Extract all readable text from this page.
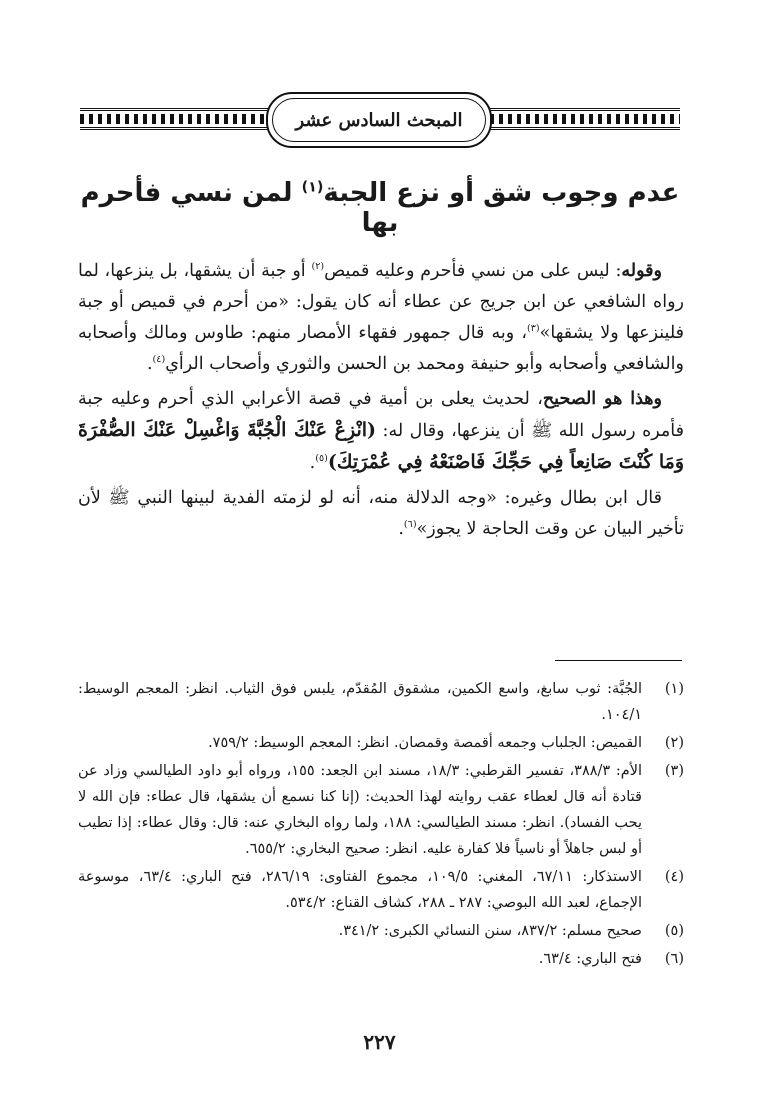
المبحث السادس عشر
عدم وجوب شق أو نزع الجبة$^{(١)}$ لمن نسي فأحرم بها

وقوله: ليس على من نسي فأحرم وعليه قميص$^{(٢)}$ أو جبة أن يشقها، بل ينزعها، لما رواه الشافعي عن ابن جريج عن عطاء أنه كان يقول: «من أحرم في قميص أو جبة فلينزعها ولا يشقها»$^{(٣)}$، وبه قال جمهور فقهاء الأمصار منهم: طاوس ومالك وأصحابه والشافعي وأصحابه وأبو حنيفة ومحمد بن الحسن والثوري وأصحاب الرأي$^{(٤)}$.

وهذا هو الصحيح، لحديث يعلى بن أمية في قصة الأعرابي الذي أحرم وعليه جبة فأمره رسول الله ﷺ أن ينزعها، وقال له: (انْزِعْ عَنْكَ الْجُبَّةَ وَاغْسِلْ عَنْكَ الصُّفْرَةَ وَمَا كُنْتَ صَانِعاً فِي حَجِّكَ فَاصْنَعْهُ فِي عُمْرَتِكَ)$^{(٥)}$.

قال ابن بطال وغيره: «وجه الدلالة منه، أنه لو لزمته الفدية لبينها النبي ﷺ لأن تأخير البيان عن وقت الحاجة لا يجوز»$^{(٦)}$.

(١)
الجُبَّة: ثوب سابغ، واسع الكمين، مشقوق المُقدّم، يلبس فوق الثياب. انظر: المعجم الوسيط: ١٠٤/١.
(٢)
القميص: الجلباب وجمعه أقمصة وقمصان. انظر: المعجم الوسيط: ٧٥٩/٢.
(٣)
الأم: ٣٨٨/٣، تفسير القرطبي: ١٨/٣، مسند ابن الجعد: ١٥٥، ورواه أبو داود الطيالسي وزاد عن قتادة أنه قال لعطاء عقب روايته لهذا الحديث: (إنا كنا نسمع أن يشقها، قال عطاء: فإن الله لا يحب الفساد). انظر: مسند الطيالسي: ١٨٨، ولما رواه البخاري عنه: قال: وقال عطاء: إذا تطيب أو لبس جاهلاً أو ناسياً فلا كفارة عليه. انظر: صحيح البخاري: ٦٥٥/٢.
(٤)
الاستذكار: ٦٧/١١، المغني: ١٠٩/٥، مجموع الفتاوى: ٢٨٦/١٩، فتح الباري: ٦٣/٤، موسوعة الإجماع، لعبد الله البوصي: ٢٨٧ ـ ٢٨٨، كشاف القناع: ٥٣٤/٢.
(٥)
صحيح مسلم: ٨٣٧/٢، سنن النسائي الكبرى: ٣٤١/٢.
(٦)
فتح الباري: ٦٣/٤.
٢٢٧
